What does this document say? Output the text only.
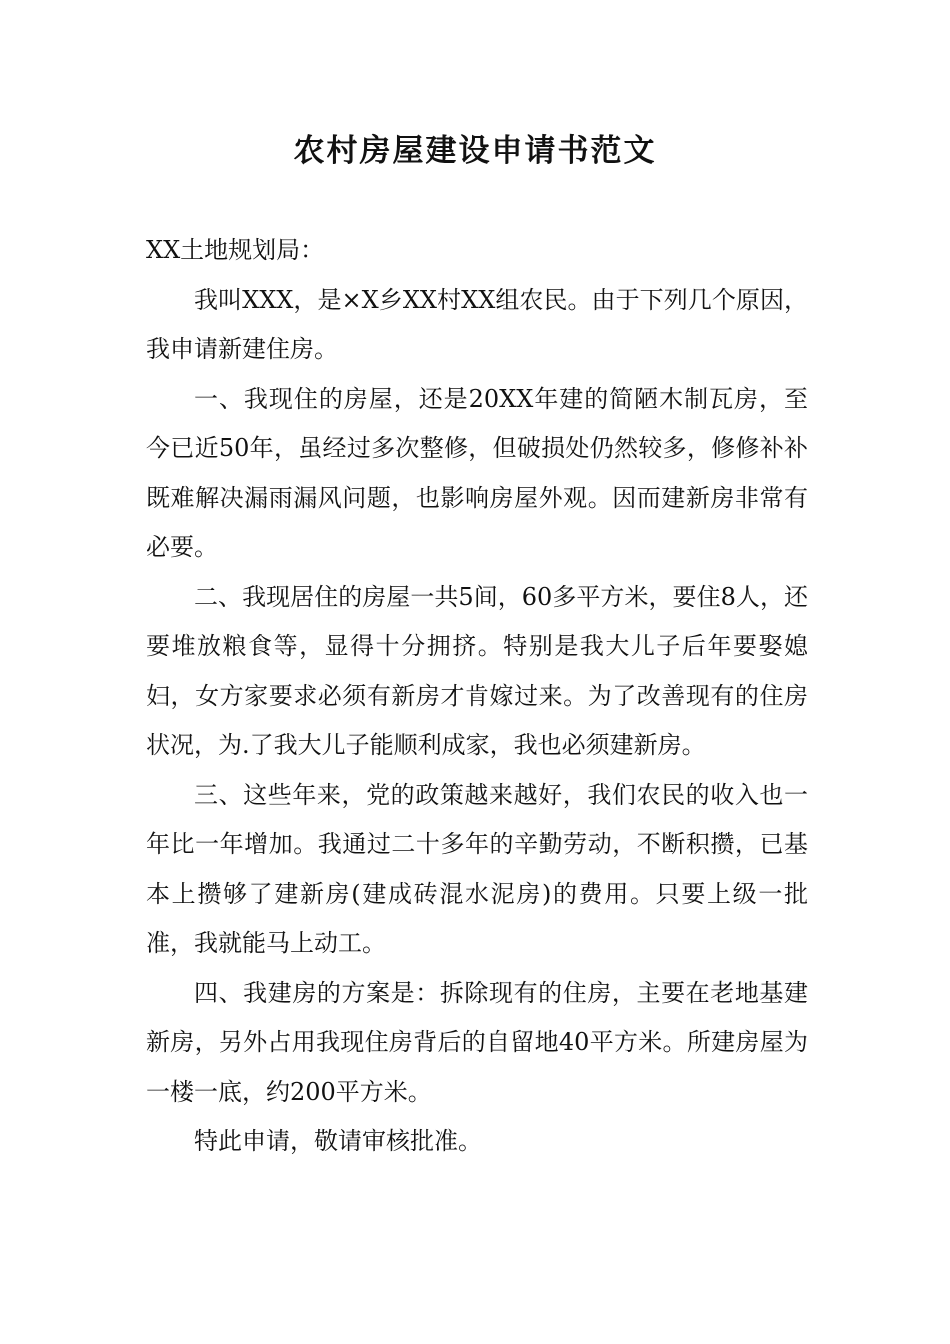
农村房屋建设申请书范文

XX土地规划局：

我叫XXX，是×X乡XX村XX组农民。由于下列几个原因，我申请新建住房。

一、我现住的房屋，还是20XX年建的简陋木制瓦房，至今已近50年，虽经过多次整修，但破损处仍然较多，修修补补既难解决漏雨漏风问题，也影响房屋外观。因而建新房非常有必要。

二、我现居住的房屋一共5间，60多平方米，要住8人，还要堆放粮食等，显得十分拥挤。特别是我大儿子后年要娶媳妇，女方家要求必须有新房才肯嫁过来。为了改善现有的住房状况，为.了我大儿子能顺利成家，我也必须建新房。

三、这些年来，党的政策越来越好，我们农民的收入也一年比一年增加。我通过二十多年的辛勤劳动，不断积攒，已基本上攒够了建新房(建成砖混水泥房)的费用。只要上级一批准，我就能马上动工。

四、我建房的方案是：拆除现有的住房，主要在老地基建新房，另外占用我现住房背后的自留地40平方米。所建房屋为一楼一底，约200平方米。

特此申请，敬请审核批准。
